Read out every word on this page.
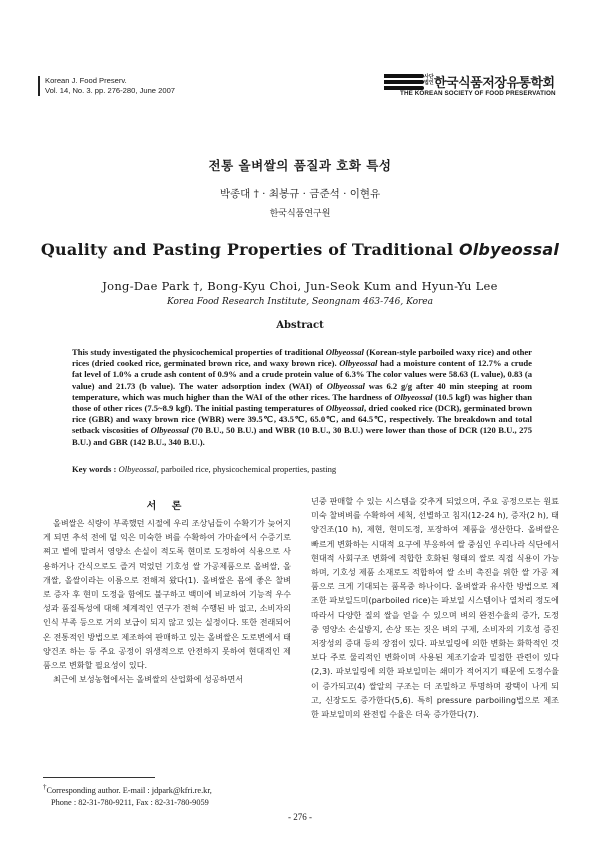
Korean J. Food Preserv.
Vol. 14, No. 3. pp. 276-280, June 2007
사단법인 한국식품저장유통학회
THE KOREAN SOCIETY OF FOOD PRESERVATION
전통 올벼쌀의 품질과 호화 특성
박종대 † · 최봉규 · 금준석 · 이현유
한국식품연구원
Quality and Pasting Properties of Traditional Olbyeossal
Jong-Dae Park †, Bong-Kyu Choi, Jun-Seok Kum and Hyun-Yu Lee
Korea Food Research Institute, Seongnam 463-746, Korea
Abstract
This study investigated the physicochemical properties of traditional Olbyeossal (Korean-style parboiled waxy rice) and other rices (dried cooked rice, germinated brown rice, and waxy brown rice). Olbyeossal had a moisture content of 12.7% a crude fat level of 1.0% a crude ash content of 0.9% and a crude protein value of 6.3% The color values were 58.63 (L value), 0.83 (a value) and 21.73 (b value). The water adsorption index (WAI) of Olbyeossal was 6.2 g/g after 40 min steeping at room temperature, which was much higher than the WAI of the other rices. The hardness of Olbyeossal (10.5 kgf) was higher than those of other rices (7.5~8.9 kgf). The initial pasting temperatures of Olbyeossal, dried cooked rice (DCR), germinated brown rice (GBR) and waxy brown rice (WBR) were 39.5℃, 43.5℃, 65.0℃, and 64.5℃, respectively. The breakdown and total setback viscosities of Olbyeossal (70 B.U., 50 B.U.) and WBR (10 B.U., 30 B.U.) were lower than those of DCR (120 B.U., 275 B.U.) and GBR (142 B.U., 340 B.U.).
Key words : Olbyeossal, parboiled rice, physicochemical properties, pasting
서 론

올벼쌀은 식량이 부족했던 시절에 우리 조상님들이 수확기가 늦어지게 되면 추석 전에 덜 익은 미숙한 벼를 수확하여 가마솥에서 수증기로 쪄고 볕에 말려서 영양소 손실이 적도록 현미로 도정하여 식용으로 사용하거나 간식으로도 즐겨 먹었던 기호성 쌀 가공제품으로 올벼쌀, 올개쌀, 올쌀이라는 이름으로 전해져 왔다(1). 올벼쌀은 몸에 좋은 찰벼로 증자 후 현미 도정을 함에도 불구하고 백미에 비교하여 기능적 우수성과 품질특성에 대해 체계적인 연구가 전혀 수행된 바 없고, 소비자의 인식 부족 등으로 거의 보급이 되지 않고 있는 실정이다. 또한 전래되어온 전통적인 방법으로 제조하여 판매하고 있는 올벼쌀은 도로변에서 태양건조 하는 등 주요 공정이 위생적으로 안전하지 못하여 현대적인 제품으로 변화할 필요성이 있다.

최근에 보성농협에서는 올벼쌀의 산업화에 성공하면서

년중 판매할 수 있는 시스템을 갖추게 되었으며, 주요 공정으로는 원료 미숙 찰벼벼를 수확하여 세척, 선별하고 침지(12-24 h), 증자(2 h), 태양건조(10 h), 제현, 현미도정, 포장하여 제품을 생산한다. 올벼쌀은 빠르게 변화하는 시대적 요구에 부응하여 쌀 중심인 우리나라 식단에서 현대적 사회구조 변화에 적합한 호화된 형태의 쌀로 직접 식용이 가능하며, 기호성 제품 소재로도 적합하여 쌀 소비 촉진을 위한 쌀 가공 제품으로 크게 기대되는 품목중 하나이다. 올벼쌀과 유사한 방법으로 제조한 파보일드미(parboiled rice)는 파보일 시스템이나 열처리 정도에 따라서 다양한 질의 쌀을 얻을 수 있으며 벼의 완전수율의 증가, 도정 중 영양소 손실방지, 손상 또는 짓은 벼의 구제, 소비자의 기호성 증진 저장성의 증대 등의 장점이 있다. 파보일링에 의한 변화는 화학적인 것보다 주로 물리적인 변화이며 사용된 제조기술과 밀접한 관련이 있다(2,3). 파보일링에 의한 파보일미는 쇄미가 적어지기 때문에 도정수율이 증가되고(4) 쌀알의 구조는 더 조밀하고 투명하며 광택이 나게 되고, 신장도도 증가한다(5,6). 특히 pressure parboiling법으로 제조한 파보일미의 완전립 수율은 더욱 증가한다(7).

†Corresponding author. E-mail : jdpark@kfri.re.kr,
Phone : 82-31-780-9211, Fax : 82-31-780-9059
- 276 -
